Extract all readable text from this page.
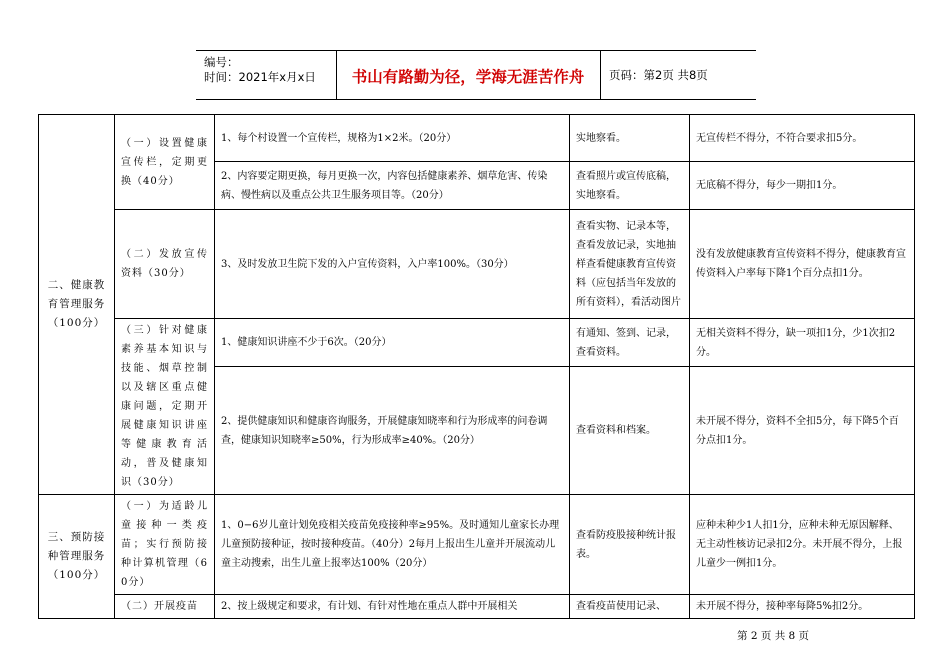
编号：
时间：2021年x月x日	书山有路勤为径，学海无涯苦作舟	页码：第2页 共8页
二、健康教育管理服务（100分）	（一）设置健康宣传栏，定期更换（40分）	1、每个村设置一个宣传栏，规格为1×2米。（20分）	实地察看。	无宣传栏不得分，不符合要求扣5分。
		2、内容要定期更换，每月更换一次，内容包括健康素养、烟草危害、传染病、慢性病以及重点公共卫生服务项目等。（20分）	查看照片或宣传底稿，实地察看。	无底稿不得分，每少一期扣1分。
	（二）发放宣传资料（30分）	3、及时发放卫生院下发的入户宣传资料，入户率100%。（30分）	查看实物、记录本等，查看发放记录，实地抽样查看健康教育宣传资料（应包括当年发放的所有资料），看活动图片	没有发放健康教育宣传资料不得分，健康教育宣传资料入户率每下降1个百分点扣1分。
	（三）针对健康素养基本知识与技能、烟草控制以及辖区重点健康问题，定期开展健康知识讲座等健康教育活动，普及健康知识（30分）	1、健康知识讲座不少于6次。（20分）	有通知、签到、记录，查看资料。	无相关资料不得分，缺一项扣1分，少1次扣2分。
		2、提供健康知识和健康咨询服务，开展健康知晓率和行为形成率的问卷调查，健康知识知晓率≥50%，行为形成率≥40%。（20分）	查看资料和档案。	未开展不得分，资料不全扣5分，每下降5个百分点扣1分。

三、预防接种管理服务（100分）	（一）为适龄儿童接种一类疫苗；实行预防接种计算机管理（60分）	1、0−6岁儿童计划免疫相关疫苗免疫接种率≥95%。及时通知儿童家长办理儿童预防接种证，按时接种疫苗。（40分）2每月上报出生儿童并开展流动儿童主动搜索，出生儿童上报率达100%（20分）	查看防疫股接种统计报表。	应种未种少1人扣1分，应种未种无原因解释、无主动性核访记录扣2分。未开展不得分，上报儿童少一例扣1分。
	（二）开展疫苗	2、按上级规定和要求，有计划、有针对性地在重点人群中开展相关	查看疫苗使用记录、	未开展不得分，接种率每降5%扣2分。
第 2 页 共 8 页
